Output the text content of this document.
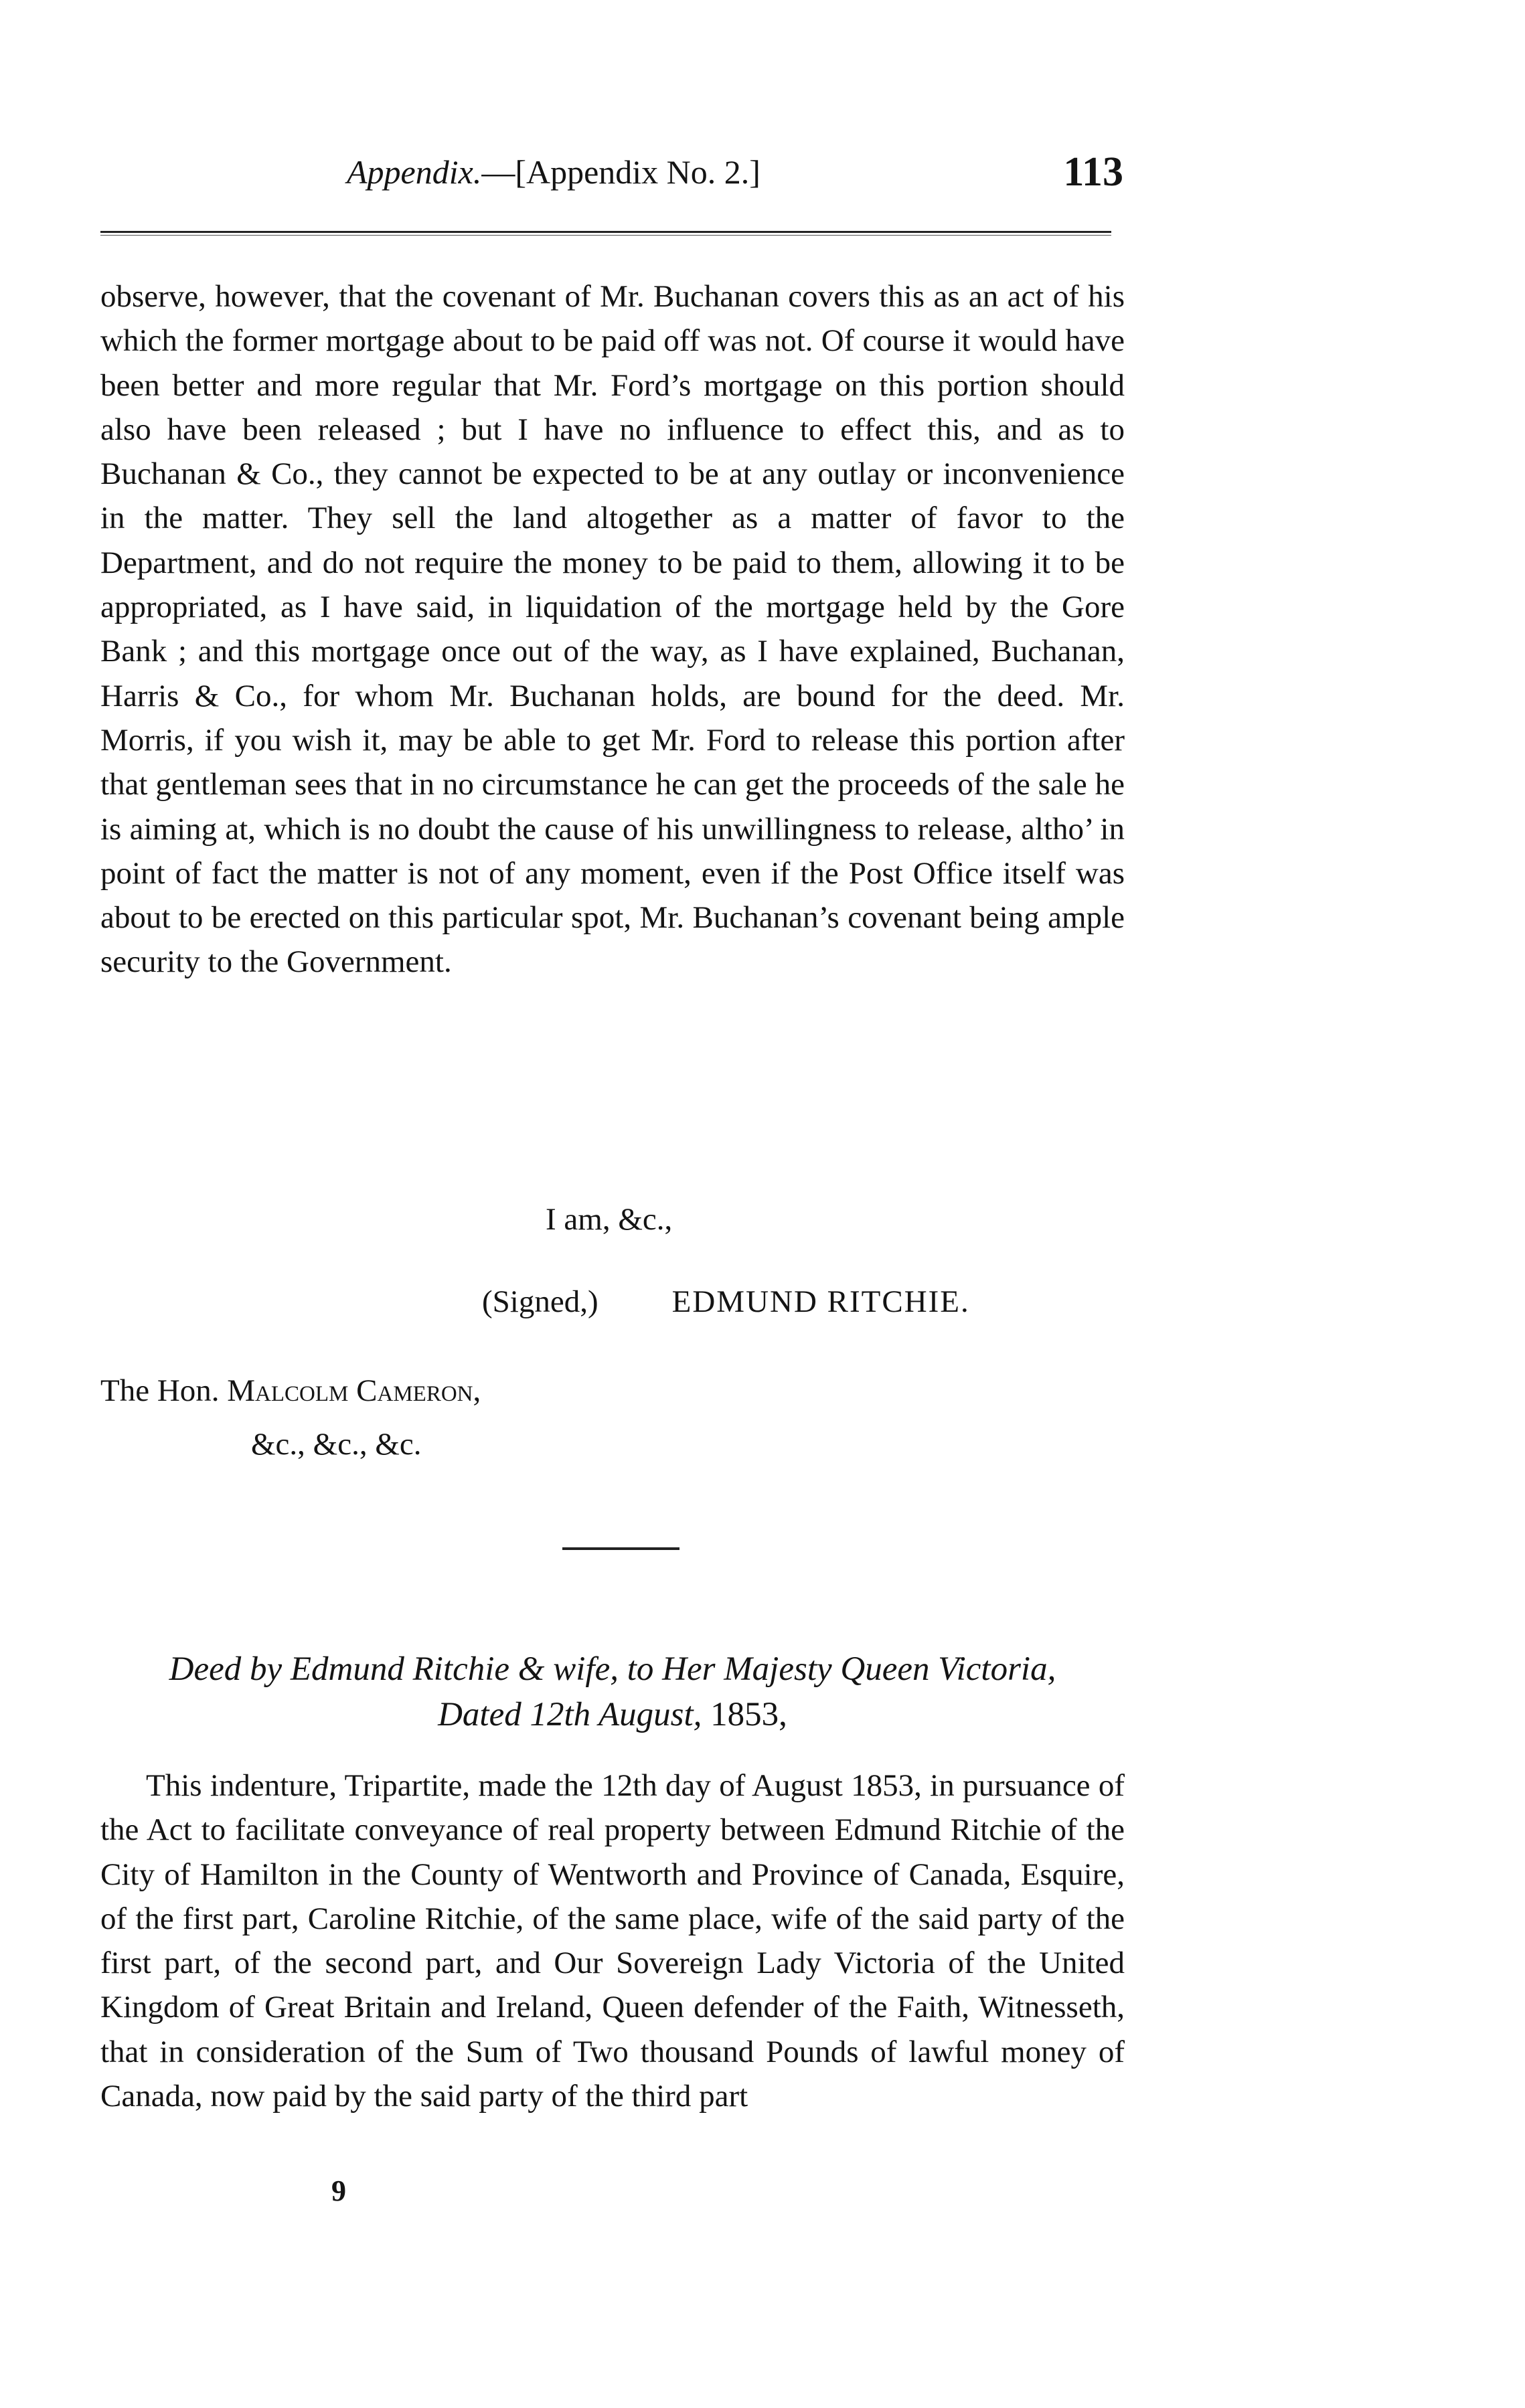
Appendix.—[Appendix No. 2.]	113

observe, however, that the covenant of Mr. Buchanan covers this as an act of his which the former mortgage about to be paid off was not. Of course it would have been better and more regular that Mr. Ford’s mortgage on this portion should also have been released ; but I have no influence to effect this, and as to Buchanan & Co., they cannot be expected to be at any outlay or inconvenience in the matter. They sell the land altogether as a matter of favor to the Department, and do not require the money to be paid to them, allowing it to be appropriated, as I have said, in liquidation of the mortgage held by the Gore Bank ; and this mortgage once out of the way, as I have explained, Buchanan, Harris & Co., for whom Mr. Buchanan holds, are bound for the deed. Mr. Morris, if you wish it, may be able to get Mr. Ford to release this portion after that gentleman sees that in no circumstance he can get the proceeds of the sale he is aiming at, which is no doubt the cause of his unwillingness to release, altho’ in point of fact the matter is not of any moment, even if the Post Office itself was about to be erected on this particular spot, Mr. Buchanan’s covenant being ample security to the Government.

I am, &c.,
(Signed,) EDMUND RITCHIE.
The Hon. Malcolm Cameron,
&c., &c., &c.
Deed by Edmund Ritchie & wife, to Her Majesty Queen Victoria,
Dated 12th August, 1853,

This indenture, Tripartite, made the 12th day of August 1853, in pursuance of the Act to facilitate conveyance of real property between Edmund Ritchie of the City of Hamilton in the County of Wentworth and Province of Canada, Esquire, of the first part, Caroline Ritchie, of the same place, wife of the said party of the first part, of the second part, and Our Sovereign Lady Victoria of the United Kingdom of Great Britain and Ireland, Queen defender of the Faith, Witnesseth, that in consideration of the Sum of Two thousand Pounds of lawful money of Canada, now paid by the said party of the third part

9
